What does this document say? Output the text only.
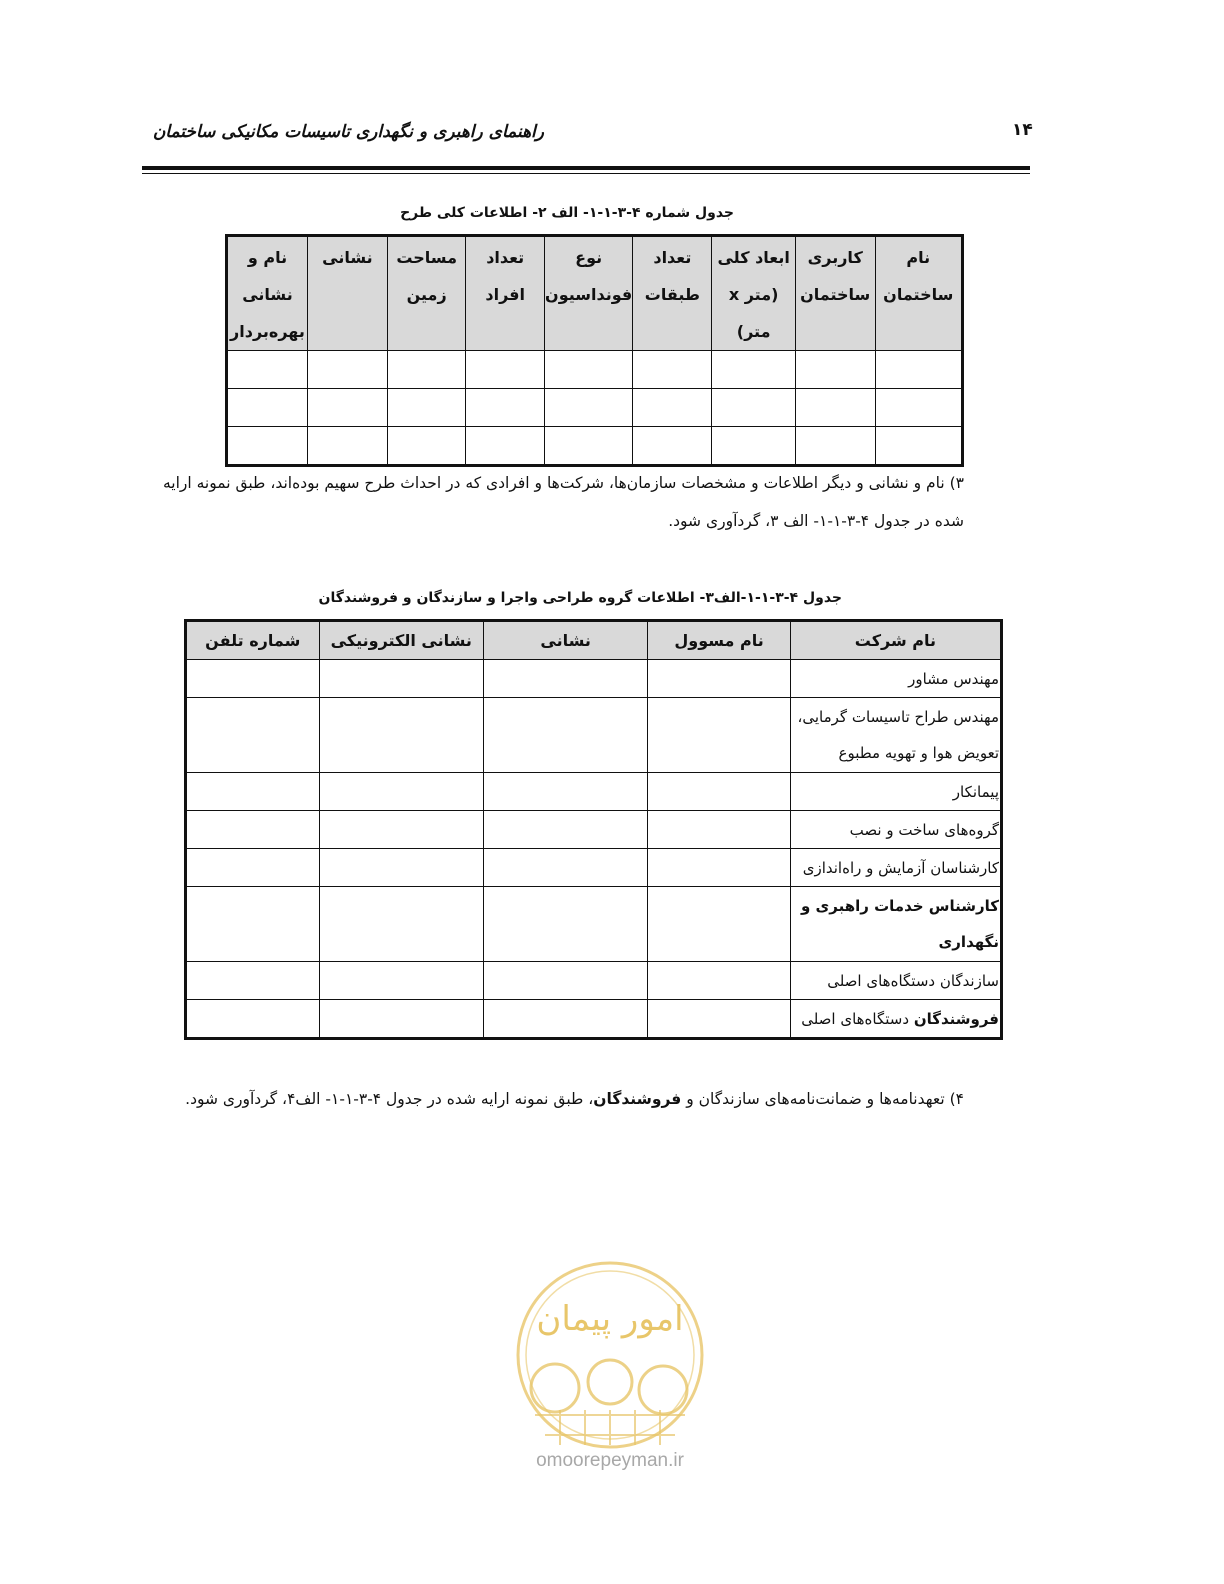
راهنمای راهبری و نگهداری تاسیسات مکانیکی ساختمان	۱۴
جدول شماره ۴-۳-۱-۱- الف ۲- اطلاعات کلی طرح
نام ساختمان	کاربری ساختمان	ابعاد کلی (متر x متر)	تعداد طبقات	نوع فونداسیون	تعداد افراد	مساحت زمین	نشانی	نام و نشانی بهره‌بردار

۳) نام و نشانی و دیگر اطلاعات و مشخصات سازمان‌ها، شرکت‌ها و افرادی که در احداث طرح سهیم بوده‌اند، طبق نمونه ارایه شده در جدول ۴-۳-۱-۱- الف ۳، گردآوری شود.
جدول ۴-۳-۱-۱-الف۳- اطلاعات گروه طراحی واجرا و سازندگان و فروشندگان
نام شرکت	نام مسوول	نشانی	نشانی الکترونیکی	شماره تلفن
مهندس مشاور				
مهندس طراح تاسیسات گرمایی، تعویض هوا و تهویه مطبوع				
پیمانکار				
گروه‌های ساخت و نصب				
کارشناسان آزمایش و راه‌اندازی				
کارشناس خدمات راهبری و نگهداری				
سازندگان دستگاه‌های اصلی				
فروشندگان دستگاه‌های اصلی				
۴) تعهدنامه‌ها و ضمانت‌نامه‌های سازندگان و فروشندگان، طبق نمونه ارایه شده در جدول ۴-۳-۱-۱- الف۴، گردآوری شود.
امور پیمان
omoorepeyman.ir
